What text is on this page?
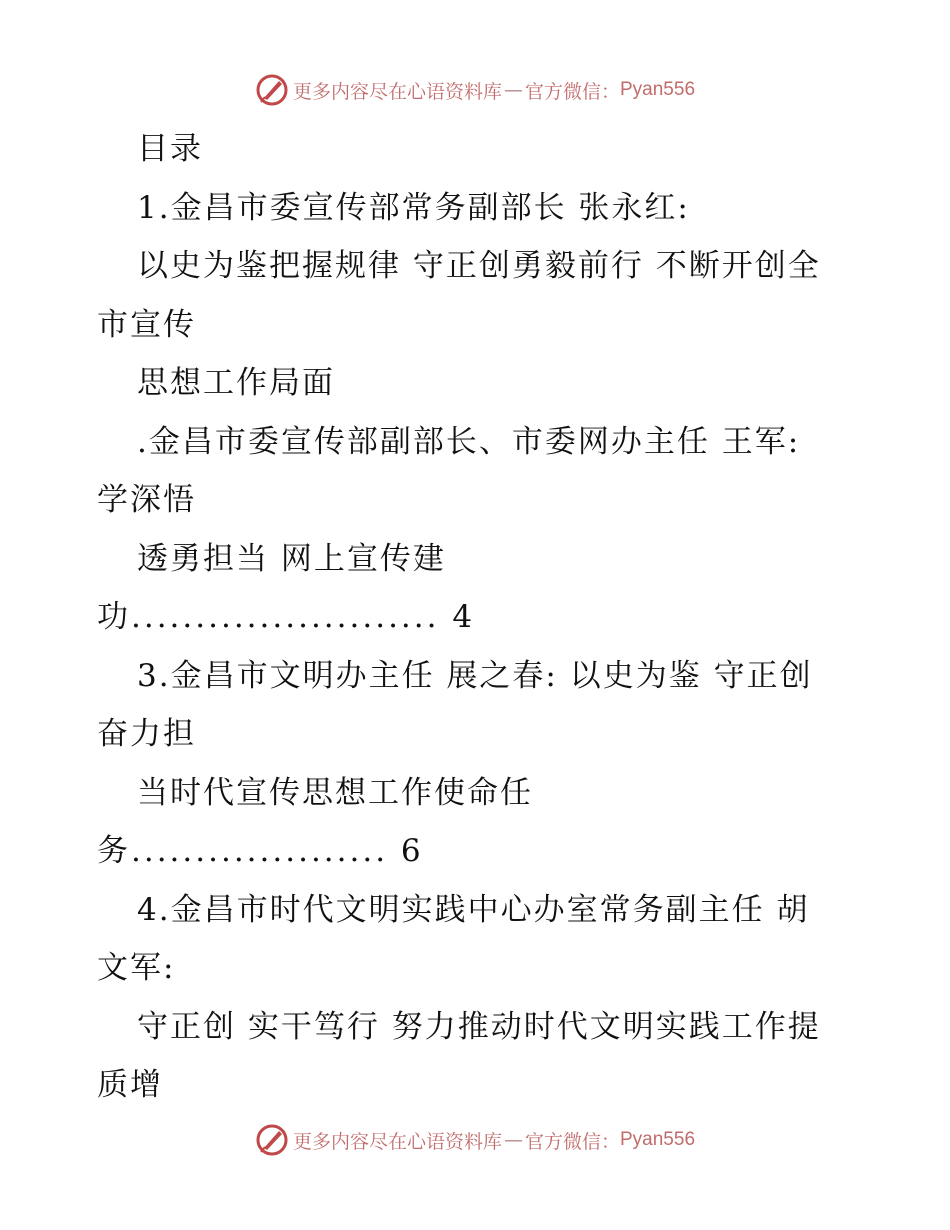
更多内容尽在心语资料库 — 官方微信： Pyan556
目录
1.金昌市委宣传部常务副部长 张永红:
以史为鉴把握规律 守正创勇毅前行 不断开创全
市宣传
思想工作局面
.金昌市委宣传部副部长、市委网办主任 王军:
学深悟
透勇担当 网上宣传建
功........................ 4
3.金昌市文明办主任 展之春: 以史为鉴 守正创
奋力担
当时代宣传思想工作使命任
务.................... 6
4.金昌市时代文明实践中心办室常务副主任 胡
文军:
守正创 实干笃行 努力推动时代文明实践工作提
质增
更多内容尽在心语资料库 — 官方微信： Pyan556
